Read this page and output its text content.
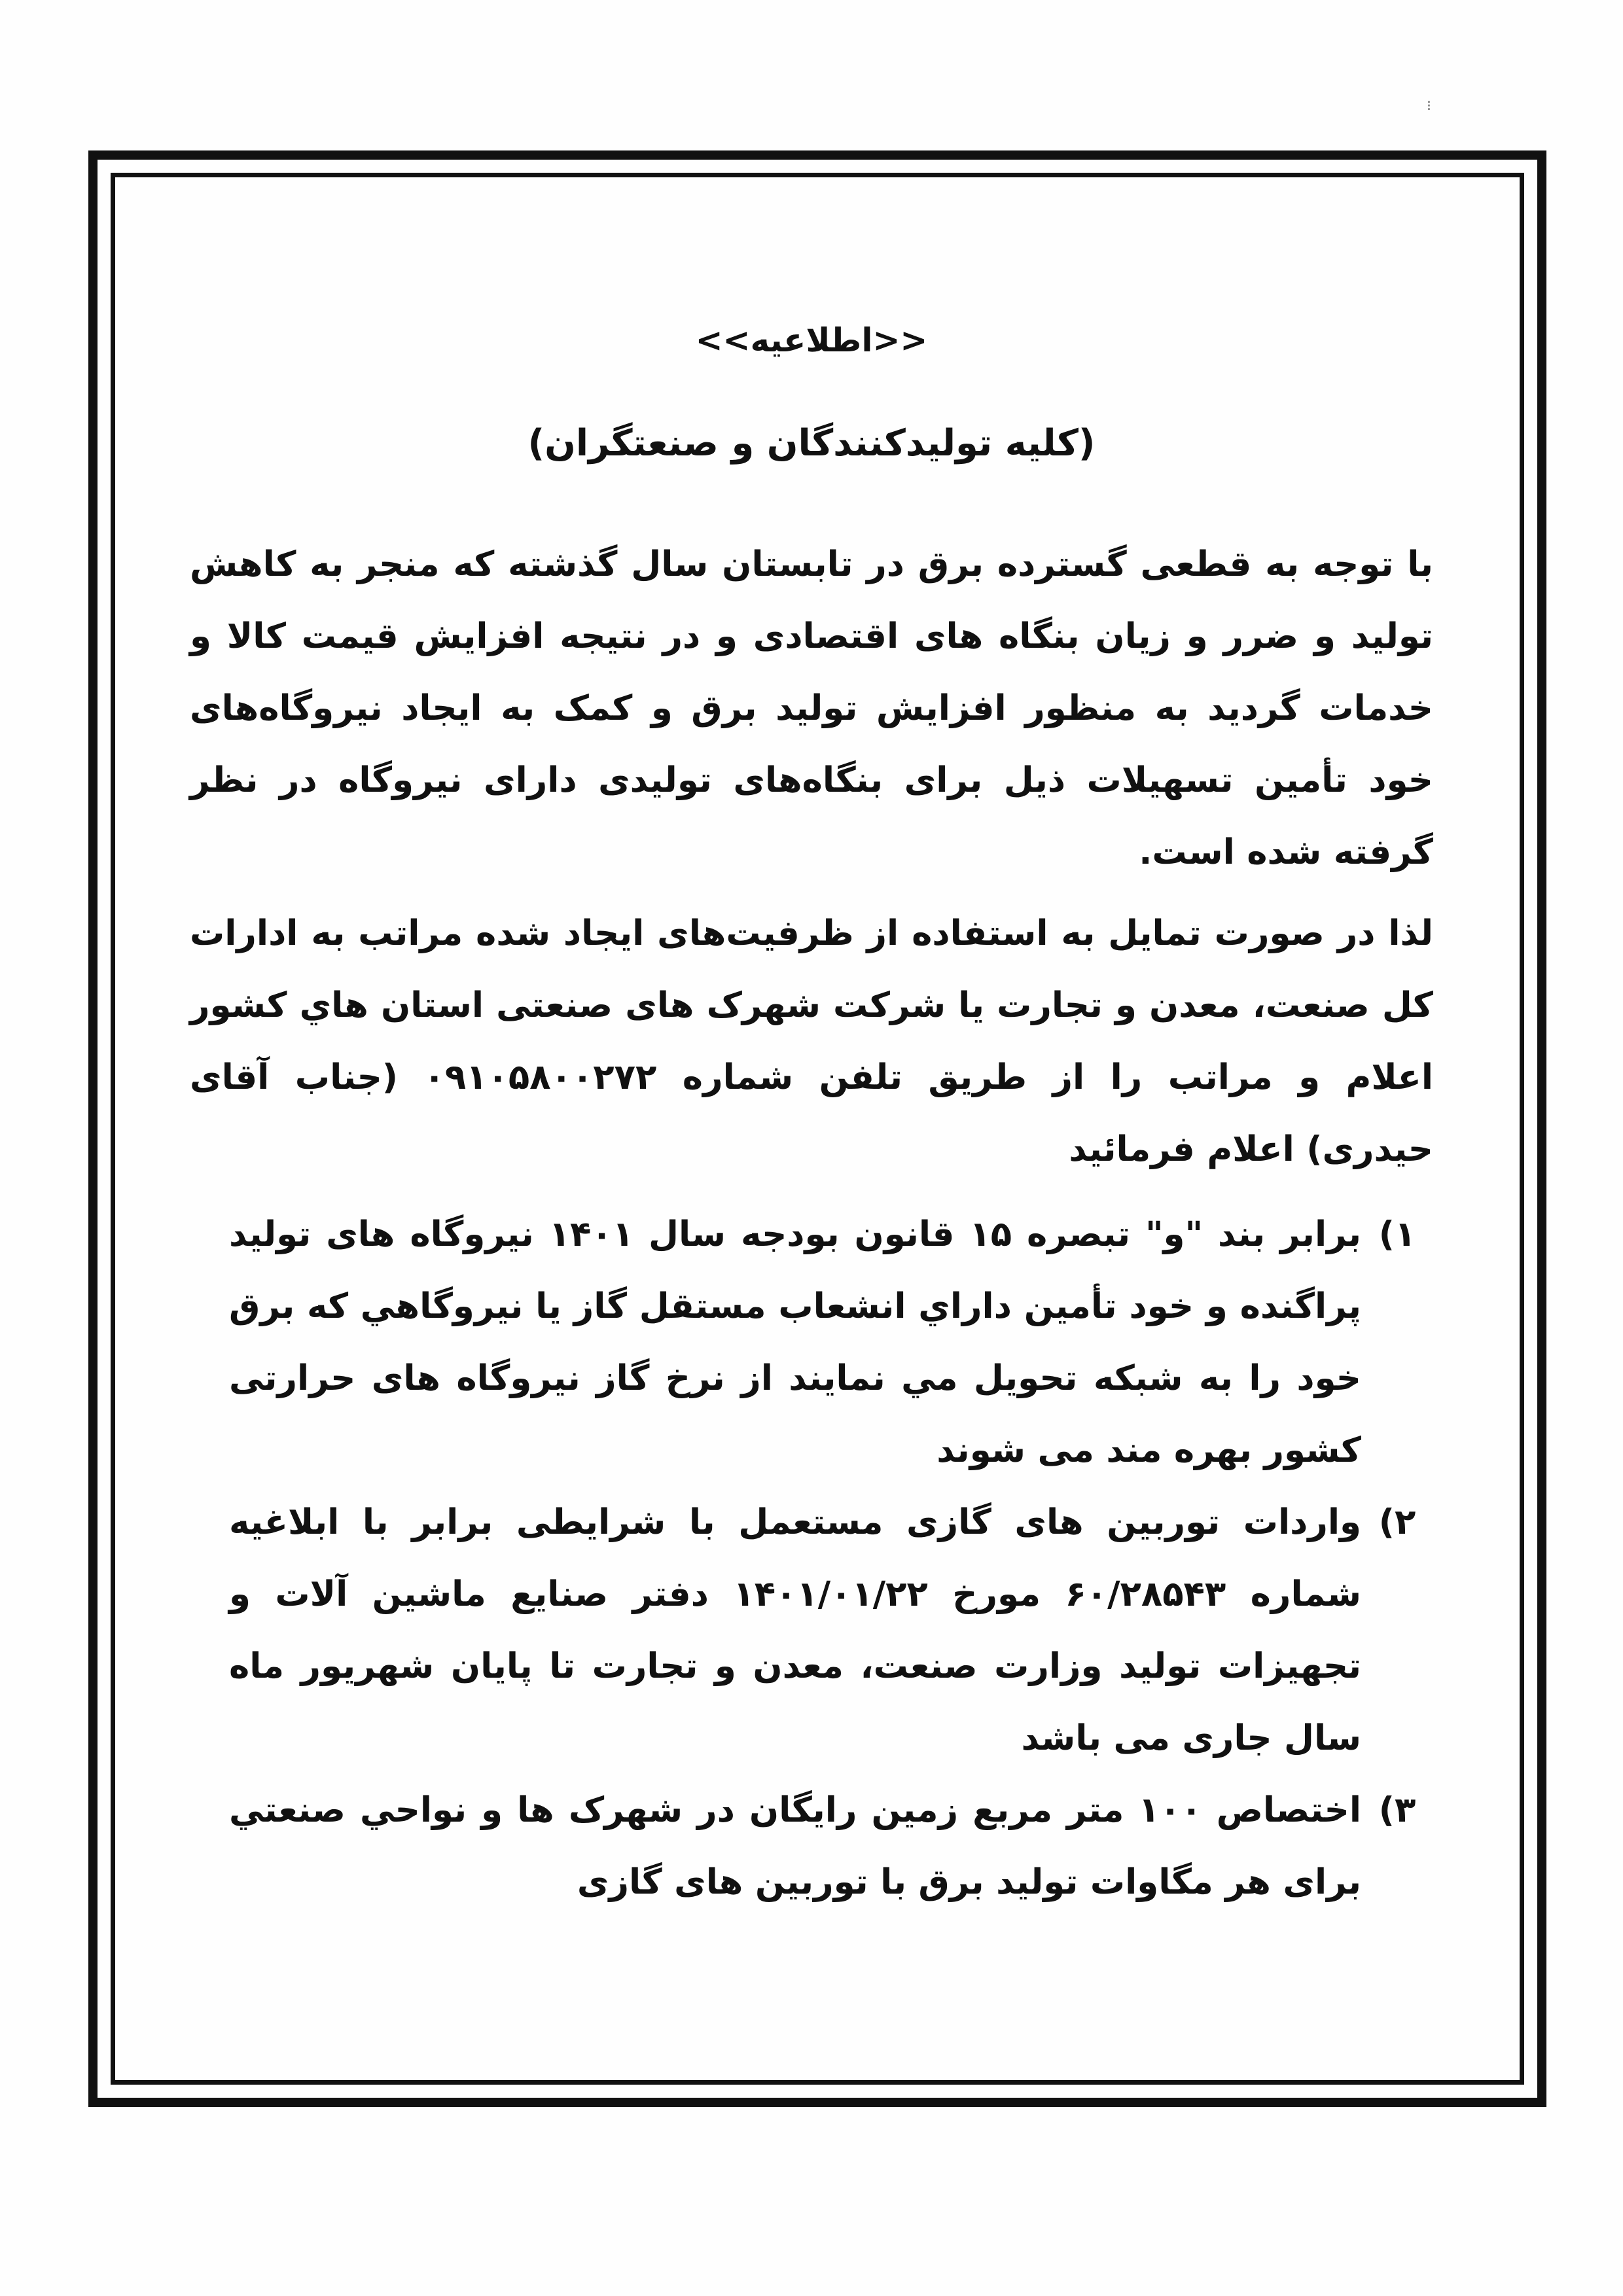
⁝
<<اطلاعیه>>
(کلیه تولیدکنندگان و صنعتگران)

با توجه به قطعی گسترده برق در تابستان سال گذشته که منجر به کاهش تولید و ضرر و زیان بنگاه های اقتصادی و در نتیجه افزایش قیمت کالا و خدمات گردید به منظور افزایش تولید برق و کمک به ایجاد نیروگاه‌های خود تأمین تسهیلات ذیل برای بنگاه‌های تولیدی دارای نیروگاه در نظر گرفته شده است.

لذا در صورت تمایل به استفاده از ظرفیت‌های ایجاد شده مراتب به ادارات کل صنعت، معدن و تجارت یا شرکت شهرک های صنعتی استان هاي کشور اعلام و مراتب را از طریق تلفن شماره ۰۹۱۰۵۸۰۰۲۷۲ (جناب آقای حیدری) اعلام فرمائید

۱)
برابر بند "و" تبصره ۱۵ قانون بودجه سال ۱۴۰۱ نیروگاه های تولید پراگنده و خود تأمین داراي انشعاب مستقل گاز یا نیروگاهي که برق خود را به شبکه تحویل مي نمایند از نرخ گاز نیروگاه های حرارتی کشور بهره مند می شوند
۲)
واردات توربین های گازی مستعمل با شرایطی برابر با ابلاغیه شماره ۶۰/۲۸۵۴۳ مورخ ۱۴۰۱/۰۱/۲۲ دفتر صنایع ماشین آلات و تجهیزات تولید وزارت صنعت، معدن و تجارت تا پایان شهریور ماه سال جاری می باشد
۳)
اختصاص ۱۰۰ متر مربع زمین رایگان در شهرک ها و نواحي صنعتي برای هر مگاوات تولید برق با توربین های گازی
